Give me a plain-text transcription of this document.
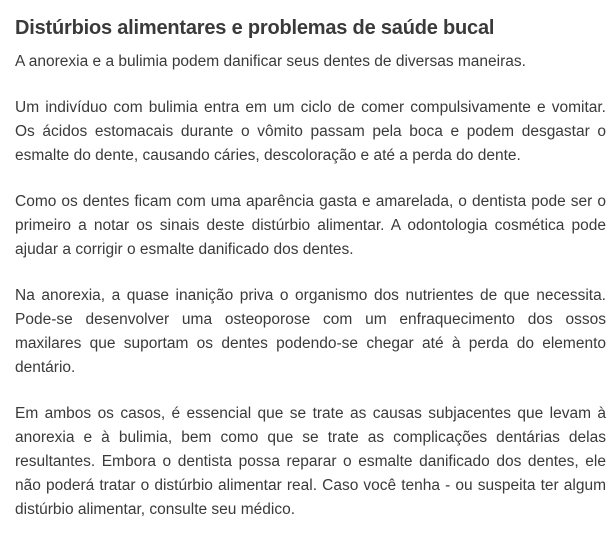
Distúrbios alimentares e problemas de saúde bucal

A anorexia e a bulimia podem danificar seus dentes de diversas maneiras.

Um indivíduo com bulimia entra em um ciclo de comer compulsivamente e vomitar. Os ácidos estomacais durante o vômito passam pela boca e podem desgastar o esmalte do dente, causando cáries, descoloração e até a perda do dente.

Como os dentes ficam com uma aparência gasta e amarelada, o dentista pode ser o primeiro a notar os sinais deste distúrbio alimentar. A odontologia cosmética pode ajudar a corrigir o esmalte danificado dos dentes.

Na anorexia, a quase inanição priva o organismo dos nutrientes de que necessita. Pode-se desenvolver uma osteoporose com um enfraquecimento dos ossos maxilares que suportam os dentes podendo-se chegar até à perda do elemento dentário.

Em ambos os casos, é essencial que se trate as causas subjacentes que levam à anorexia e à bulimia, bem como que se trate as complicações dentárias delas resultantes. Embora o dentista possa reparar o esmalte danificado dos dentes, ele não poderá tratar o distúrbio alimentar real. Caso você tenha - ou suspeita ter algum distúrbio alimentar, consulte seu médico.
